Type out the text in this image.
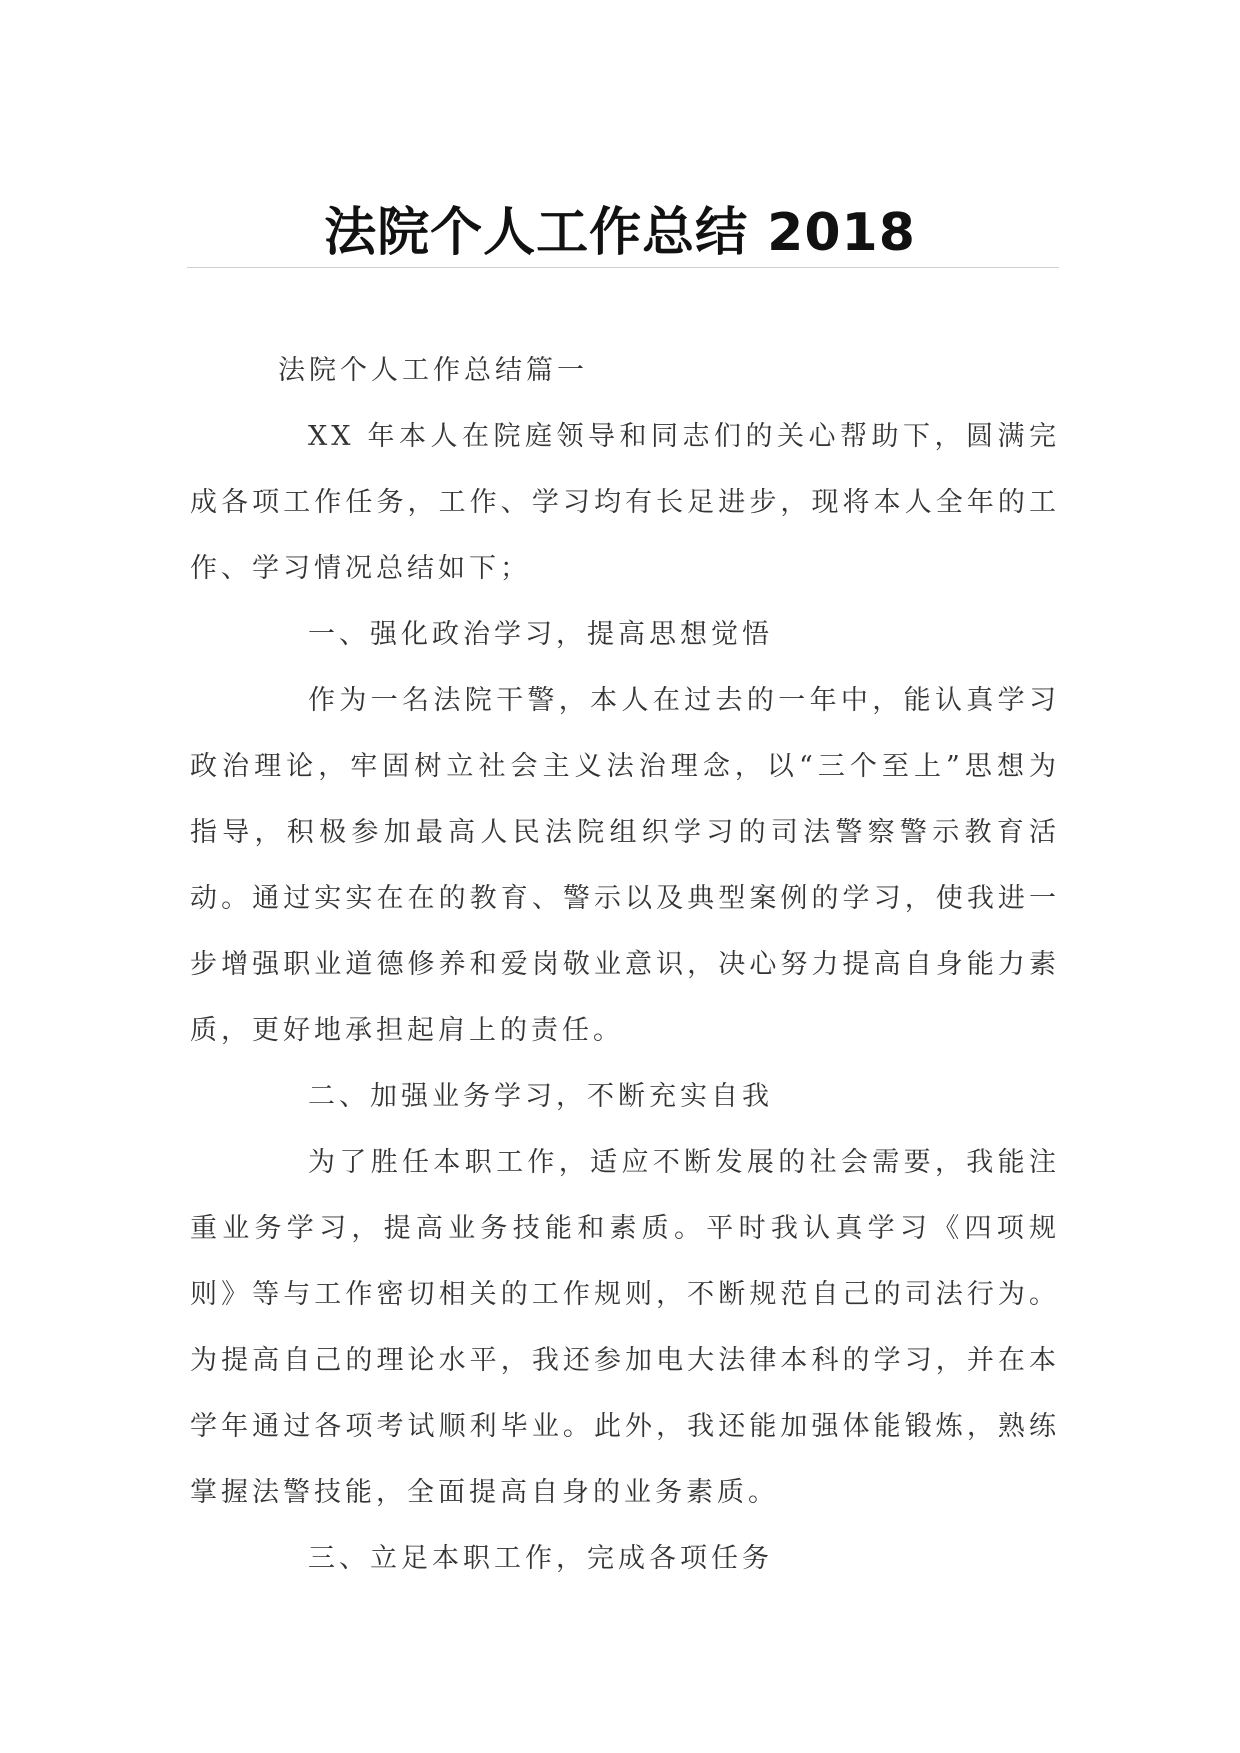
法院个人工作总结 2018

法院个人工作总结篇一

XX 年本人在院庭领导和同志们的关心帮助下，圆满完成各项工作任务，工作、学习均有长足进步，现将本人全年的工作、学习情况总结如下；

一、强化政治学习，提高思想觉悟

作为一名法院干警，本人在过去的一年中，能认真学习政治理论，牢固树立社会主义法治理念，以“三个至上”思想为指导，积极参加最高人民法院组织学习的司法警察警示教育活动。通过实实在在的教育、警示以及典型案例的学习，使我进一步增强职业道德修养和爱岗敬业意识，决心努力提高自身能力素质，更好地承担起肩上的责任。

二、加强业务学习，不断充实自我

为了胜任本职工作，适应不断发展的社会需要，我能注重业务学习，提高业务技能和素质。平时我认真学习《四项规则》等与工作密切相关的工作规则，不断规范自己的司法行为。为提高自己的理论水平，我还参加电大法律本科的学习，并在本学年通过各项考试顺利毕业。此外，我还能加强体能锻炼，熟练掌握法警技能，全面提高自身的业务素质。

三、立足本职工作，完成各项任务
